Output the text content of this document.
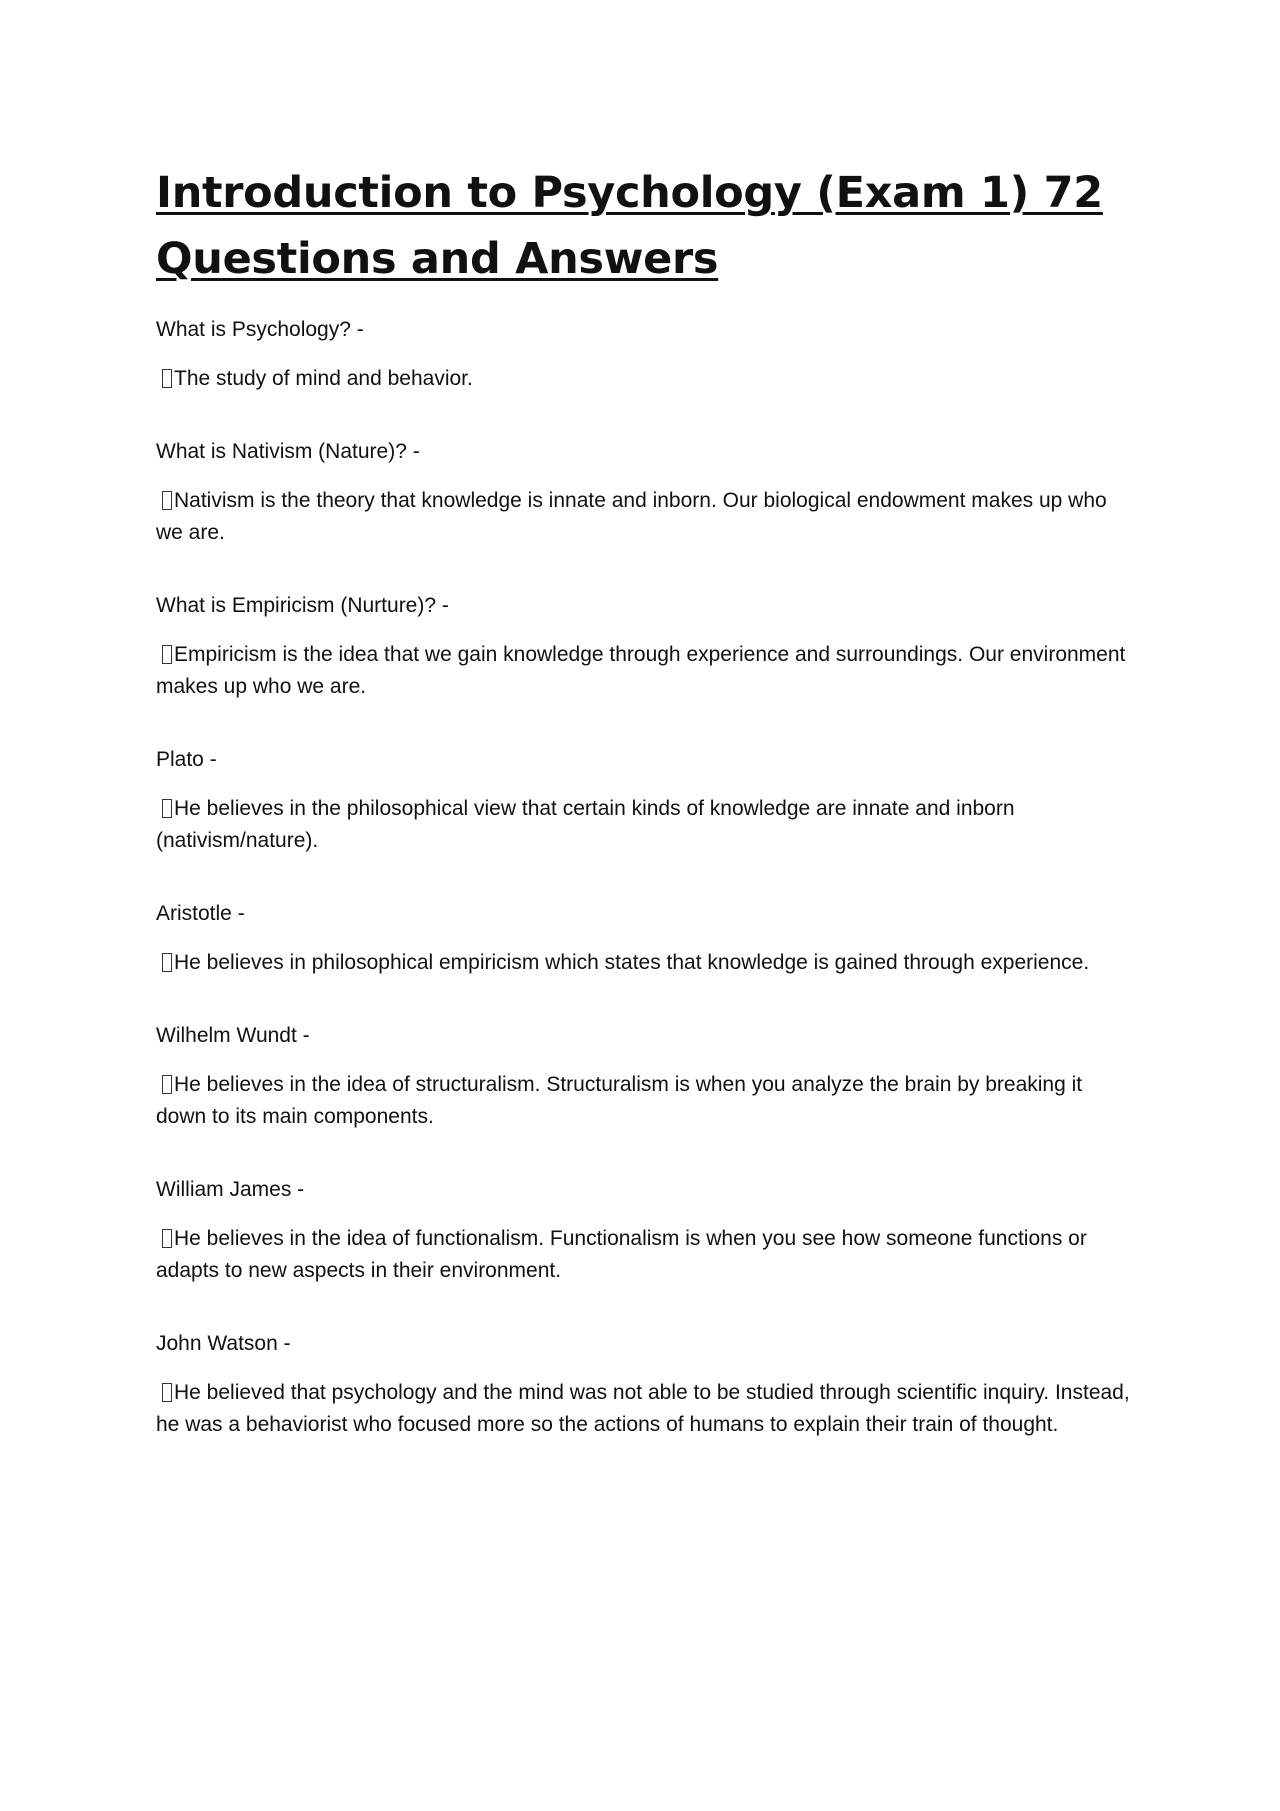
Introduction to Psychology (Exam 1) 72 Questions and Answers

What is Psychology? -

The study of mind and behavior.

What is Nativism (Nature)? -

Nativism is the theory that knowledge is innate and inborn. Our biological endowment makes up who we are.

What is Empiricism (Nurture)? -

Empiricism is the idea that we gain knowledge through experience and surroundings. Our environment makes up who we are.

Plato -

He believes in the philosophical view that certain kinds of knowledge are innate and inborn (nativism/nature).

Aristotle -

He believes in philosophical empiricism which states that knowledge is gained through experience.

Wilhelm Wundt -

He believes in the idea of structuralism. Structuralism is when you analyze the brain by breaking it down to its main components.

William James -

He believes in the idea of functionalism. Functionalism is when you see how someone functions or adapts to new aspects in their environment.

John Watson -

He believed that psychology and the mind was not able to be studied through scientific inquiry. Instead, he was a behaviorist who focused more so the actions of humans to explain their train of thought.
